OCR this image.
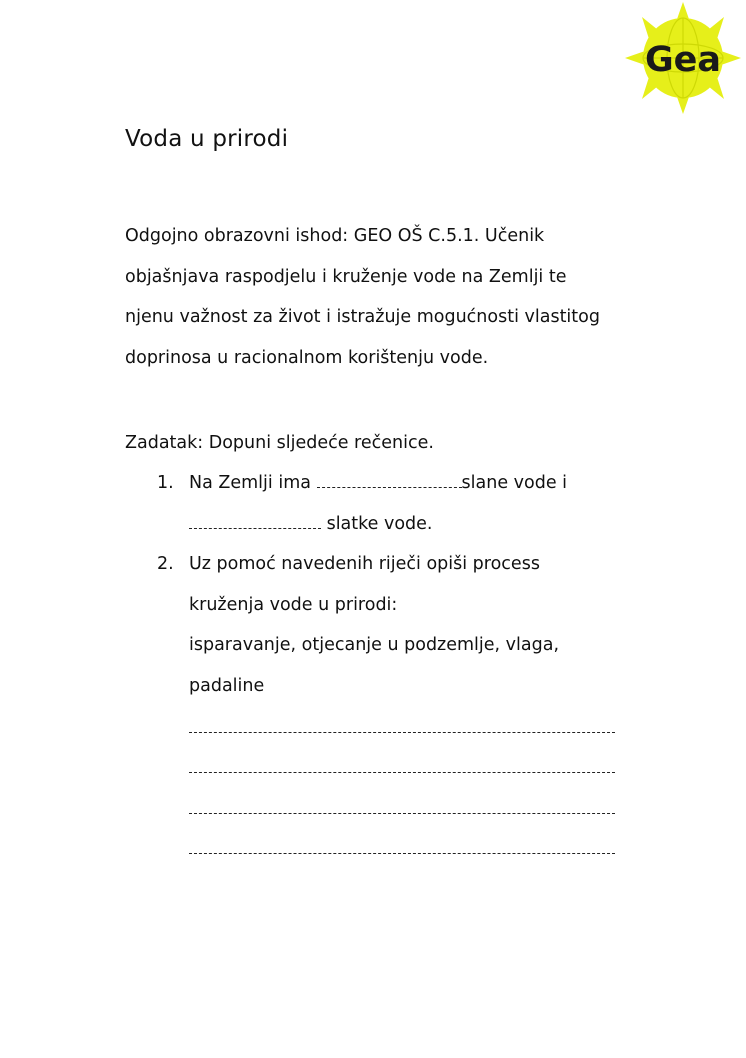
Gea
Voda u prirodi
Odgojno obrazovni ishod: GEO OŠ C.5.1. Učenik
objašnjava raspodjelu i kruženje vode na Zemlji te
njenu važnost za život i istražuje mogućnosti vlastitog
doprinosa u racionalnom korištenju vode.
Zadatak: Dopuni sljedeće rečenice.
1. Na Zemlji ima	slane vode i
slatke vode.
2. Uz pomoć navedenih riječi opiši process
kruženja vode u prirodi:
isparavanje, otjecanje u podzemlje, vlaga,
padaline
